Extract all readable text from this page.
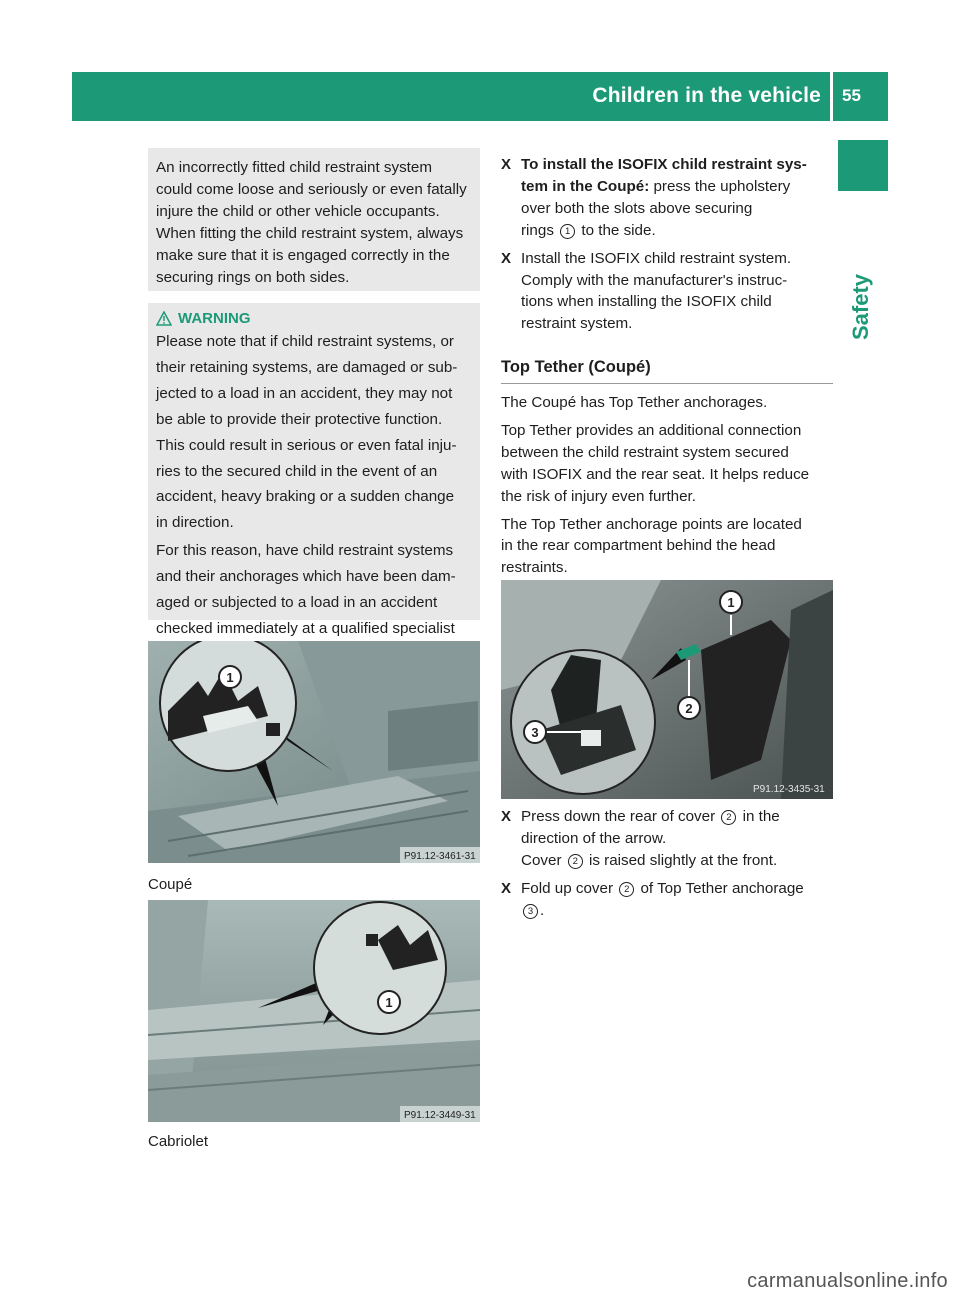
Children in the vehicle 55
Safety

An incorrectly fitted child restraint system

could come loose and seriously or even fatally

injure the child or other vehicle occupants.

When fitting the child restraint system, always

make sure that it is engaged correctly in the

securing rings on both sides.

WARNING

Please note that if child restraint systems, or

their retaining systems, are damaged or sub-

jected to a load in an accident, they may not

be able to provide their protective function.

This could result in serious or even fatal inju-

ries to the secured child in the event of an

accident, heavy braking or a sudden change

in direction.

For this reason, have child restraint systems

and their anchorages which have been dam-

aged or subjected to a load in an accident

checked immediately at a qualified specialist

1
P91.12-3461-31
Coupé
1
P91.12-3449-31
Cabriolet
X To install the ISOFIX child restraint sys-
tem in the Coupé: press the upholstery
over both the slots above securing
rings 1 to the side.
X Install the ISOFIX child restraint system.
Comply with the manufacturer's instruc-
tions when installing the ISOFIX child
restraint system.
Top Tether (Coupé)

The Coupé has Top Tether anchorages.

Top Tether provides an additional connection
between the child restraint system secured
with ISOFIX and the rear seat. It helps reduce
the risk of injury even further.

The Top Tether anchorage points are located
in the rear compartment behind the head
restraints.

1
2
3
P91.12-3435-31
X Press down the rear of cover 2 in the
direction of the arrow.
Cover 2 is raised slightly at the front.
X Fold up cover 2 of Top Tether anchorage
3 .
carmanualsonline.info
